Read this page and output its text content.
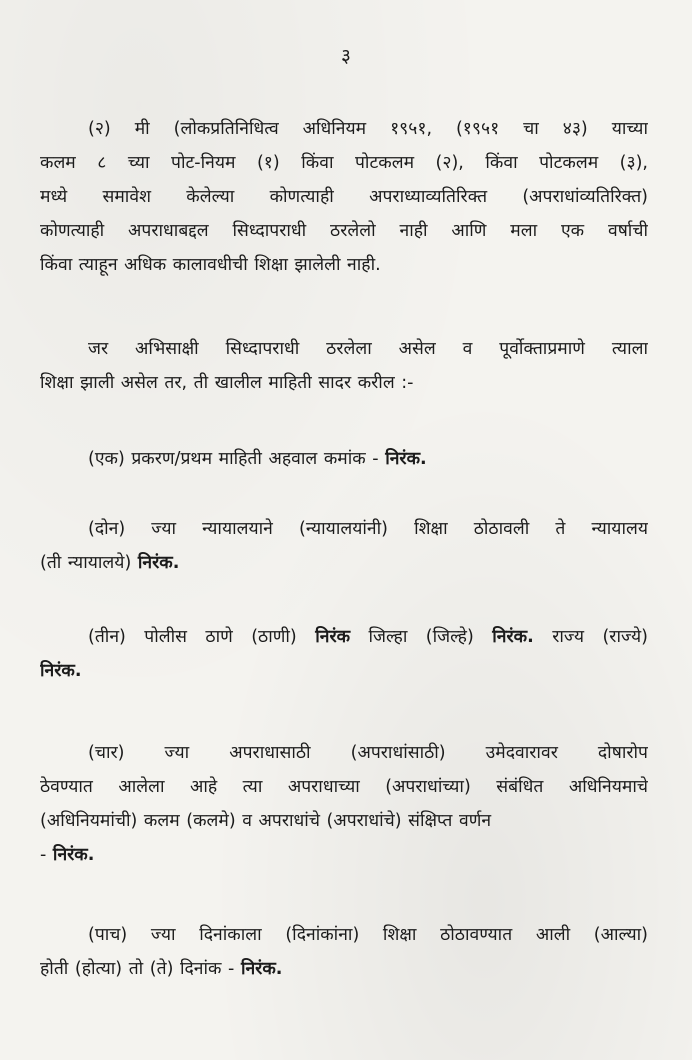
३
(२) मी (लोकप्रतिनिधित्व अधिनियम १९५१, (१९५१ चा ४३) याच्या
कलम ८ च्या पोट-नियम (१) किंवा पोटकलम (२), किंवा पोटकलम (३),
मध्ये समावेश केलेल्या कोणत्याही अपराध्याव्यतिरिक्त (अपराधांव्यतिरिक्त)
कोणत्याही अपराधाबद्दल सिध्दापराधी ठरलेलो नाही आणि मला एक वर्षाची
किंवा त्याहून अधिक कालावधीची शिक्षा झालेली नाही.
जर अभिसाक्षी सिध्दापराधी ठरलेला असेल व पूर्वोक्ताप्रमाणे त्याला
शिक्षा झाली असेल तर, ती खालील माहिती सादर करील :-
(एक) प्रकरण/प्रथम माहिती अहवाल कमांक - निरंक.
(दोन) ज्या न्यायालयाने (न्यायालयांनी) शिक्षा ठोठावली ते न्यायालय
(ती न्यायालये) निरंक.
(तीन) पोलीस ठाणे (ठाणी) निरंक जिल्हा (जिल्हे) निरंक. राज्य (राज्ये)
निरंक.
(चार) ज्या अपराधासाठी (अपराधांसाठी) उमेदवारावर दोषारोप
ठेवण्यात आलेला आहे त्या अपराधाच्या (अपराधांच्या) संबंधित अधिनियमाचे
(अधिनियमांची) कलम (कलमे) व अपराधांचे (अपराधांचे) संक्षिप्त वर्णन
- निरंक.
(पाच) ज्या दिनांकाला (दिनांकांना) शिक्षा ठोठावण्यात आली (आल्या)
होती (होत्या) तो (ते) दिनांक - निरंक.
